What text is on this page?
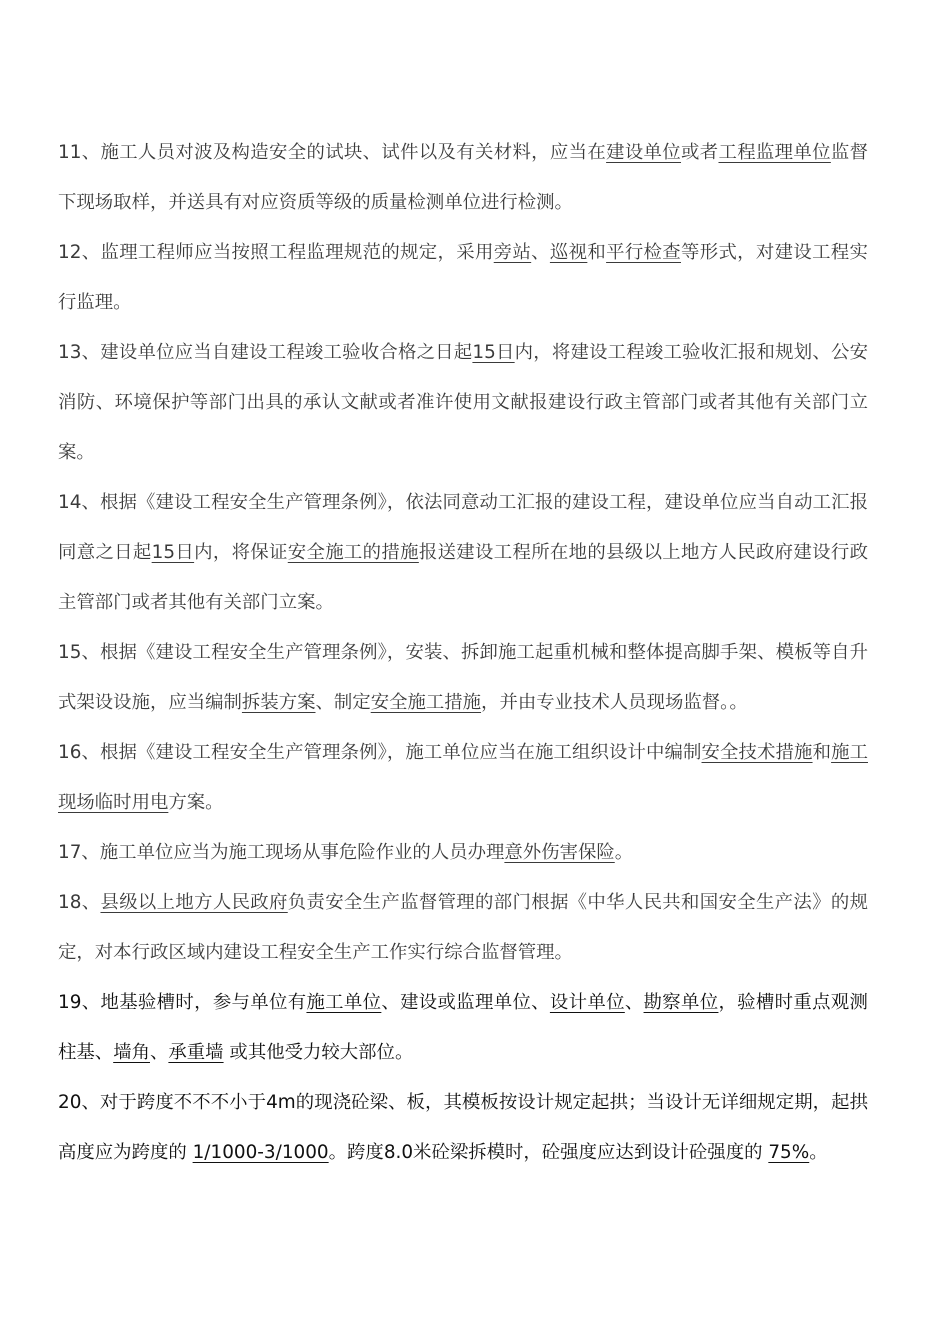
11、施工人员对波及构造安全的试块、试件以及有关材料，应当在建设单位或者工程监理单位监督下现场取样，并送具有对应资质等级的质量检测单位进行检测。

12、监理工程师应当按照工程监理规范的规定，采用旁站、巡视和平行检查等形式，对建设工程实行监理。

13、建设单位应当自建设工程竣工验收合格之日起15日内，将建设工程竣工验收汇报和规划、公安消防、环境保护等部门出具的承认文献或者准许使用文献报建设行政主管部门或者其他有关部门立案。

14、根据《建设工程安全生产管理条例》，依法同意动工汇报的建设工程，建设单位应当自动工汇报同意之日起15日内，将保证安全施工的措施报送建设工程所在地的县级以上地方人民政府建设行政主管部门或者其他有关部门立案。

15、根据《建设工程安全生产管理条例》，安装、拆卸施工起重机械和整体提高脚手架、模板等自升式架设设施，应当编制拆装方案、制定安全施工措施，并由专业技术人员现场监督。。

16、根据《建设工程安全生产管理条例》，施工单位应当在施工组织设计中编制安全技术措施和施工现场临时用电方案。

17、施工单位应当为施工现场从事危险作业的人员办理意外伤害保险。

18、县级以上地方人民政府负责安全生产监督管理的部门根据《中华人民共和国安全生产法》的规定，对本行政区域内建设工程安全生产工作实行综合监督管理。

19、地基验槽时，参与单位有施工单位、建设或监理单位、设计单位、勘察单位，验槽时重点观测柱基、墙角、承重墙 或其他受力较大部位。

20、对于跨度不不不小于4m的现浇砼梁、板，其模板按设计规定起拱；当设计无详细规定期，起拱高度应为跨度的 1/1000-3/1000。跨度8.0米砼梁拆模时，砼强度应达到设计砼强度的 75%。
